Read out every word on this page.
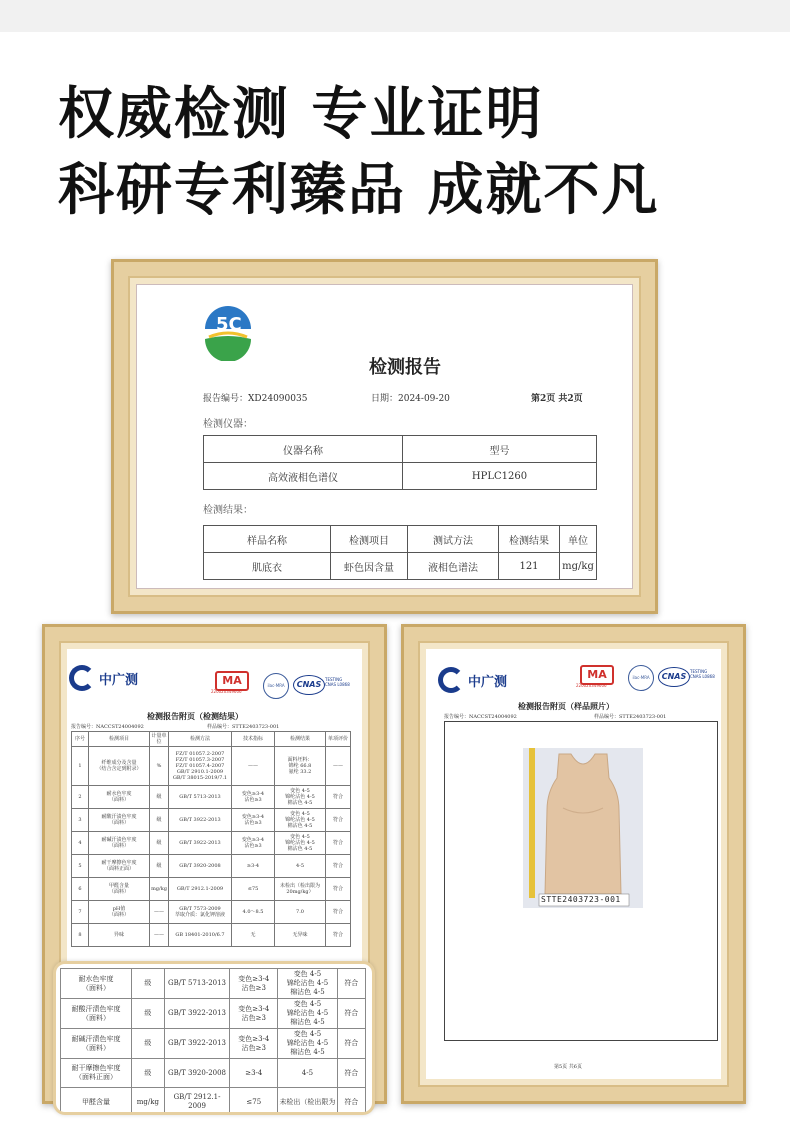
权威检测 专业证明
科研专利臻品 成就不凡
5C
检测报告
报告编号：XD24090035	日期：2024-09-20	第2页 共2页
检测仪器：
仪器名称	型号
高效液相色谱仪	HPLC1260
检测结果：
样品名称	检测项目	测试方法	检测结果	单位
肌底衣	虾色因含量	液相色谱法	121	mg/kg
中广测	MA
220020349606
ilac-MRA	CNAS
TESTING
CNAS L0868
检测报告附页（检测结果）
报告编号：NACCST24004092	样品编号：STTE2403723-001
序号	检测项目	计量单位	检测方法	技术指标	检测结果	单项评价
1	纤维成分及含量
（结合含定到附录）	%	FZ/T 01057.2-2007
FZ/T 01057.3-2007
FZ/T 01057.4-2007
GB/T 2910.1-2009
GB/T 38015-2019/7.1	——	面料坯料：
锦纶 66.8
氨纶 33.2	——
2	耐水色牢度
（面料）	级	GB/T 5713-2013	变色≥3-4
沾色≥3	变色 4-5
锦纶沾色 4-5
棉沾色 4-5	符合
3	耐酸汗渍色牢度
（面料）	级	GB/T 3922-2013	变色≥3-4
沾色≥3	变色 4-5
锦纶沾色 4-5
棉沾色 4-5	符合
4	耐碱汗渍色牢度
（面料）	级	GB/T 3922-2013	变色≥3-4
沾色≥3	变色 4-5
锦纶沾色 4-5
棉沾色 4-5	符合
5	耐干摩擦色牢度
（面料正面）	级	GB/T 3920-2008	≥3-4	4-5	符合
6	甲醛含量
（面料）	mg/kg	GB/T 2912.1-2009	≤75	未检出（检出限为
20mg/kg）	符合
7	pH值
（面料）	——	GB/T 7573-2009
萃取介质：氯化钾溶液	4.0～8.5	7.0	符合
8	异味	——	GB 18401-2010/6.7	无	无异味	符合
耐水色牢度
（面料）	级	GB/T 5713-2013	变色≥3-4
沾色≥3	变色 4-5
锦纶沾色 4-5
棉沾色 4-5	符合
耐酸汗渍色牢度
（面料）	级	GB/T 3922-2013	变色≥3-4
沾色≥3	变色 4-5
锦纶沾色 4-5
棉沾色 4-5	符合
耐碱汗渍色牢度
（面料）	级	GB/T 3922-2013	变色≥3-4
沾色≥3	变色 4-5
锦纶沾色 4-5
棉沾色 4-5	符合
耐干摩擦色牢度
（面料正面）	级	GB/T 3920-2008	≥3-4	4-5	符合
甲醛含量	mg/kg	GB/T 2912.1-2009	≤75	未检出（检出限为	符合
中广测	MA
220020349606
ilac-MRA	CNAS
TESTING
CNAS L0868
检测报告附页（样品照片）
报告编号：NACCST24004092	样品编号：STTE2403723-001
STTE2403723-001
第5页 共6页
